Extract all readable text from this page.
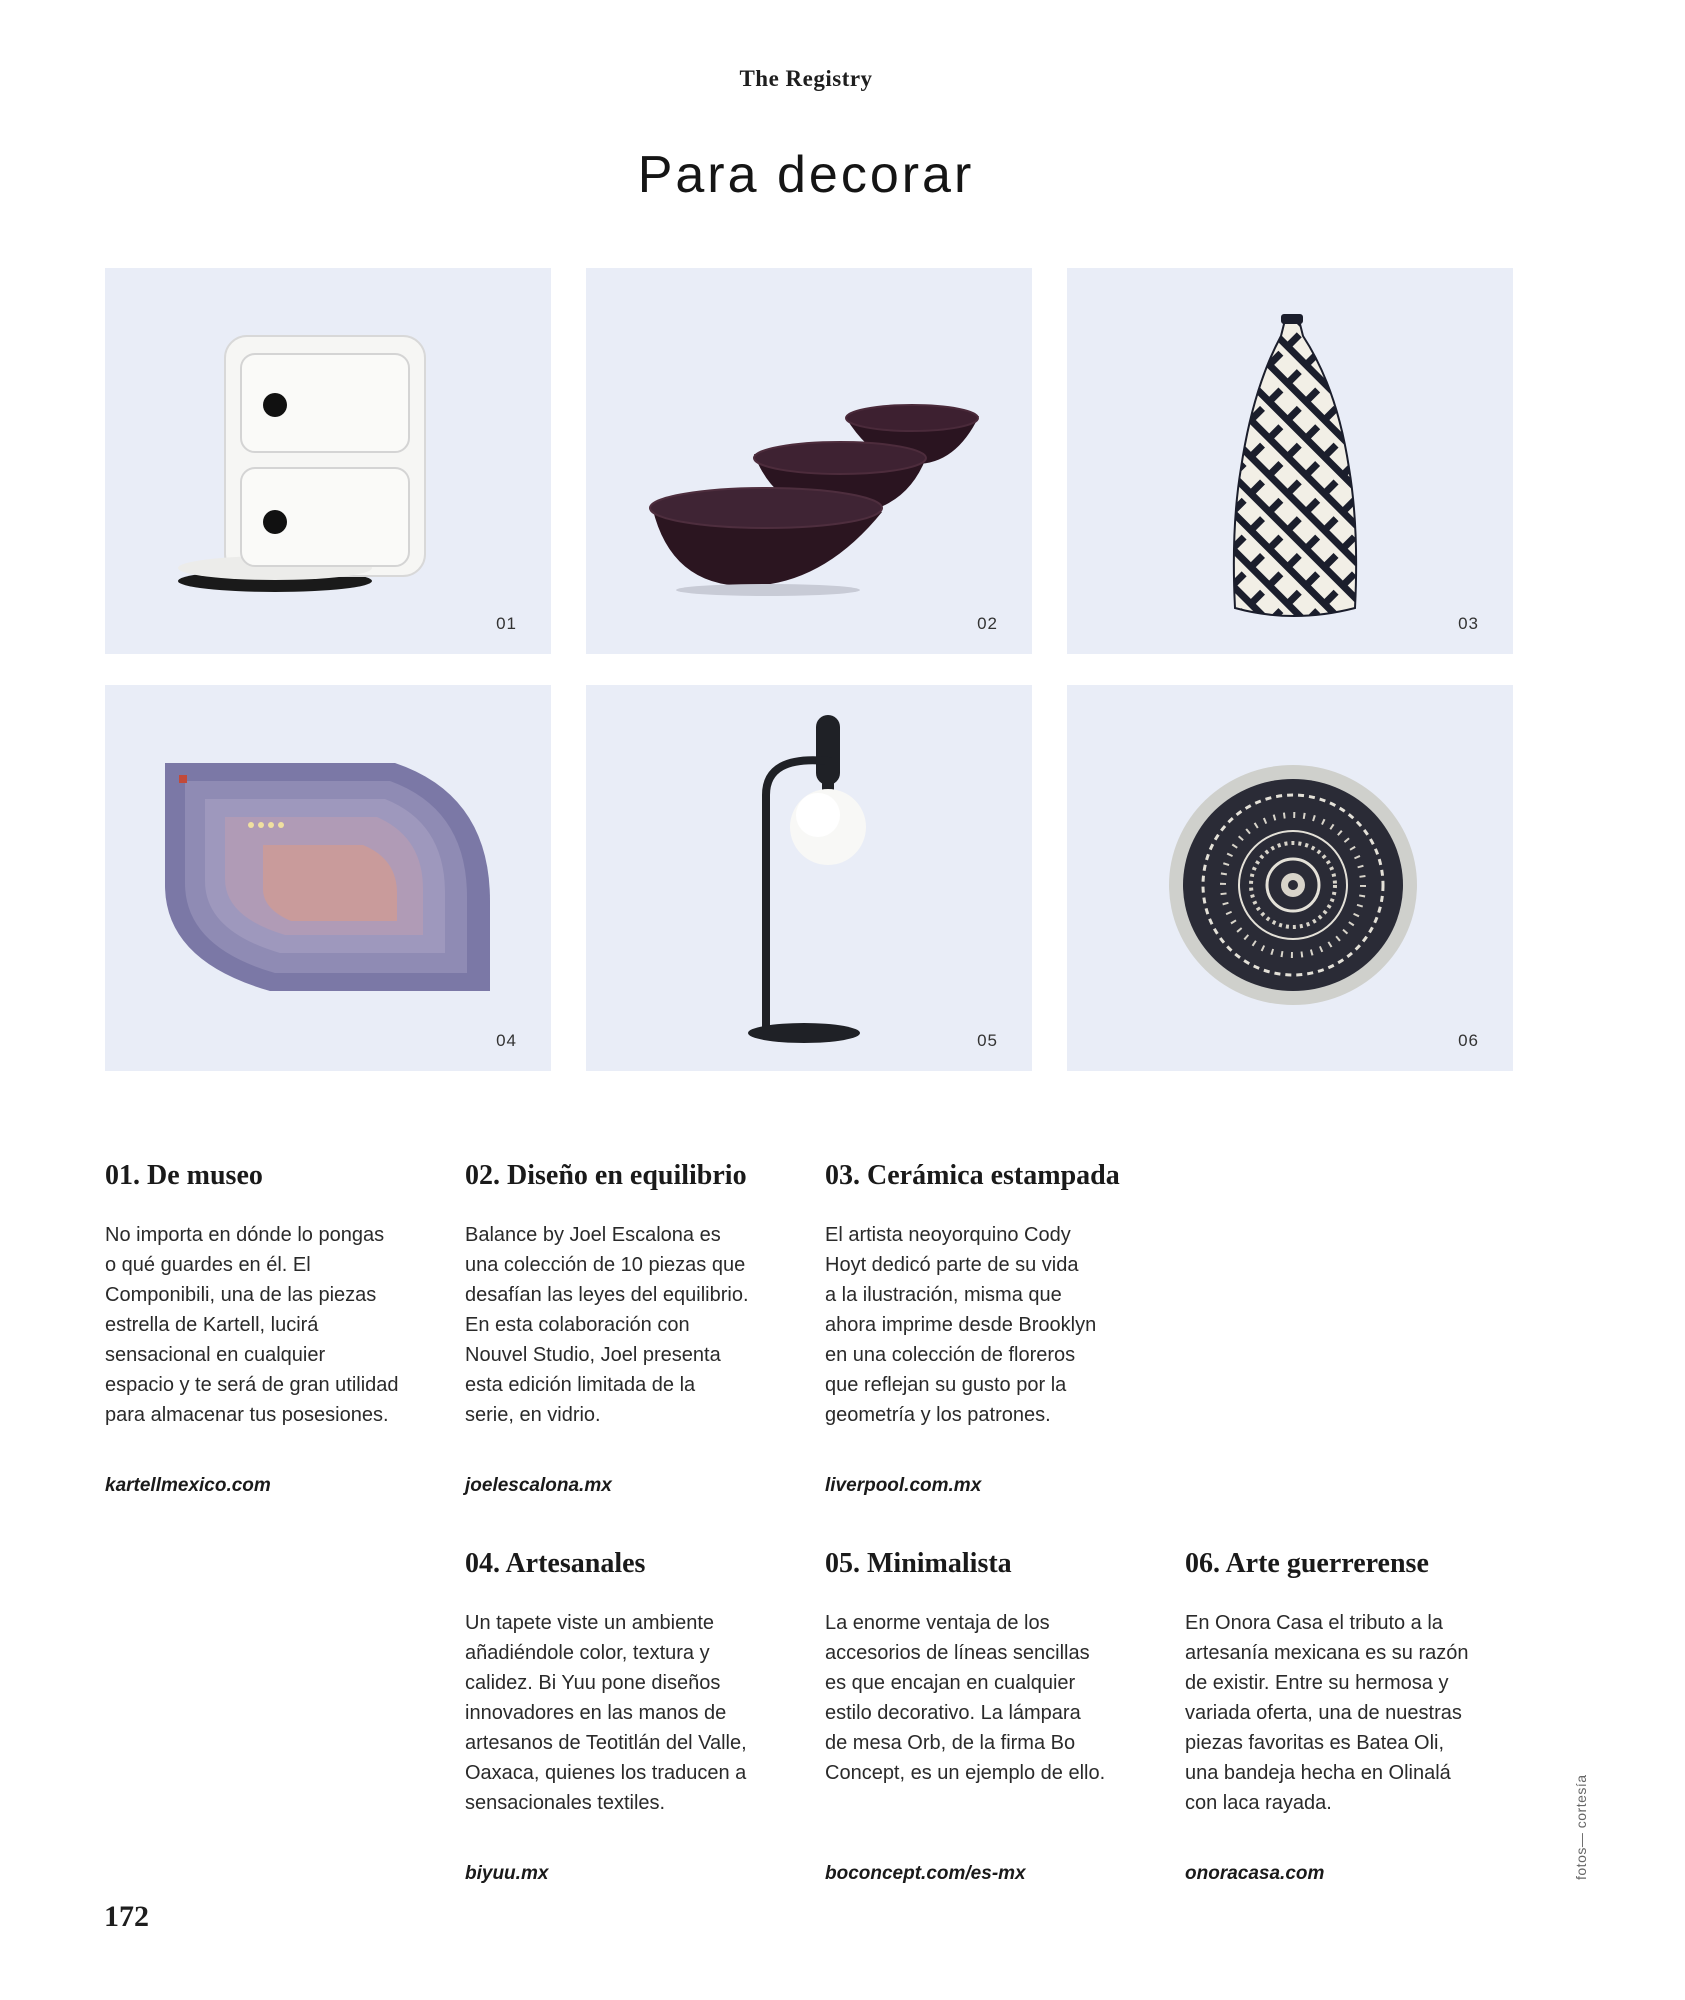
The Registry
Para decorar
01	02	03
04	05	06
01. De museo

No importa en dónde lo pongas
o qué guardes en él. El
Componibili, una de las piezas
estrella de Kartell, lucirá
sensacional en cualquier
espacio y te será de gran utilidad
para almacenar tus posesiones.

kartellmexico.com
02. Diseño en equilibrio

Balance by Joel Escalona es
una colección de 10 piezas que
desafían las leyes del equilibrio.
En esta colaboración con
Nouvel Studio, Joel presenta
esta edición limitada de la
serie, en vidrio.

joelescalona.mx
03. Cerámica estampada

El artista neoyorquino Cody
Hoyt dedicó parte de su vida
a la ilustración, misma que
ahora imprime desde Brooklyn
en una colección de floreros
que reflejan su gusto por la
geometría y los patrones.

liverpool.com.mx
04. Artesanales

Un tapete viste un ambiente
añadiéndole color, textura y
calidez. Bi Yuu pone diseños
innovadores en las manos de
artesanos de Teotitlán del Valle,
Oaxaca, quienes los traducen a
sensacionales textiles.

biyuu.mx
05. Minimalista

La enorme ventaja de los
accesorios de líneas sencillas
es que encajan en cualquier
estilo decorativo. La lámpara
de mesa Orb, de la firma Bo
Concept, es un ejemplo de ello.

boconcept.com/es-mx
06. Arte guerrerense

En Onora Casa el tributo a la
artesanía mexicana es su razón
de existir. Entre su hermosa y
variada oferta, una de nuestras
piezas favoritas es Batea Oli,
una bandeja hecha en Olinalá
con laca rayada.

onoracasa.com
172
fotos— cortesía
